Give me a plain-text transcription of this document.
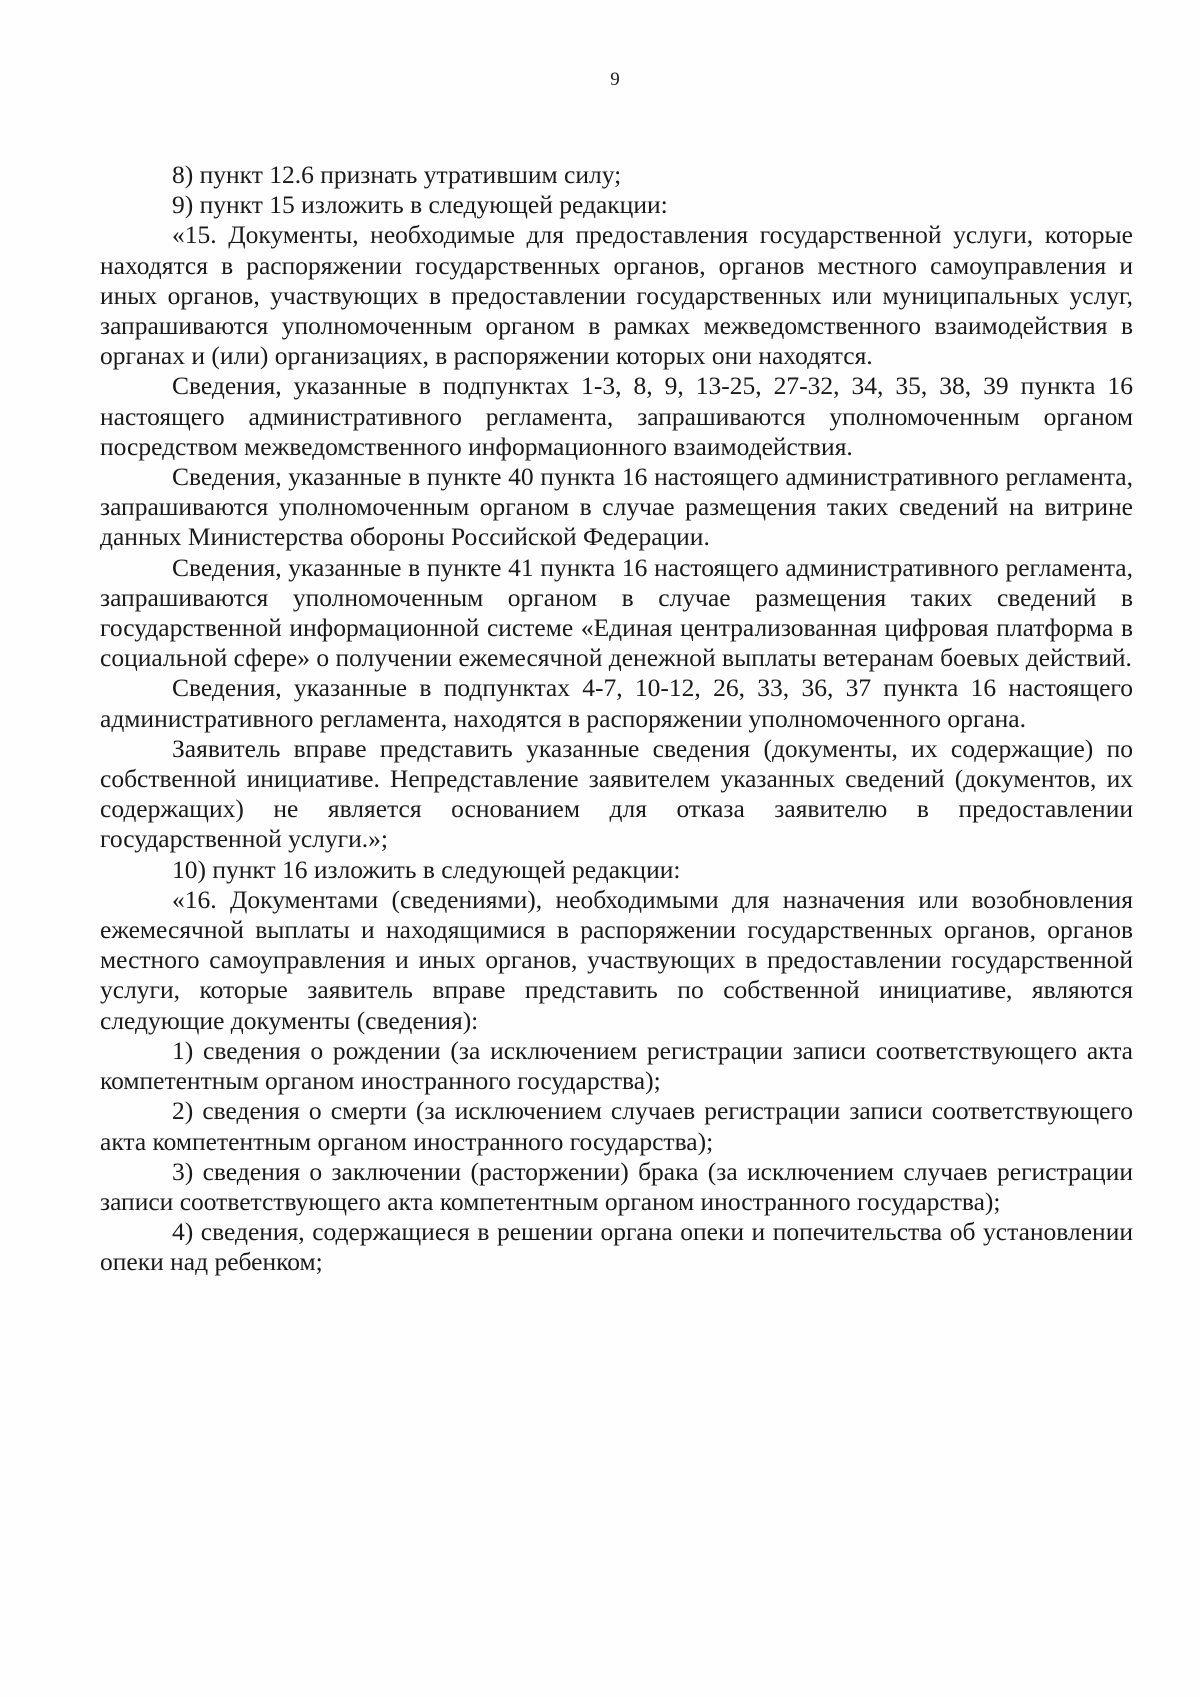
9

8) пункт 12.6 признать утратившим силу;

9) пункт 15 изложить в следующей редакции:

«15. Документы, необходимые для предоставления государственной услуги, которые находятся в распоряжении государственных органов, органов местного самоуправления и иных органов, участвующих в предоставлении государственных или муниципальных услуг, запрашиваются уполномоченным органом в рамках межведомственного взаимодействия в органах и (или) организациях, в распоряжении которых они находятся.

Сведения, указанные в подпунктах 1-3, 8, 9, 13-25, 27-32, 34, 35, 38, 39 пункта 16 настоящего административного регламента, запрашиваются уполномоченным органом посредством межведомственного информационного взаимодействия.

Сведения, указанные в пункте 40 пункта 16 настоящего административного регламента, запрашиваются уполномоченным органом в случае размещения таких сведений на витрине данных Министерства обороны Российской Федерации.

Сведения, указанные в пункте 41 пункта 16 настоящего административного регламента, запрашиваются уполномоченным органом в случае размещения таких сведений в государственной информационной системе «Единая централизованная цифровая платформа в социальной сфере» о получении ежемесячной денежной выплаты ветеранам боевых действий.

Сведения, указанные в подпунктах 4-7, 10-12, 26, 33, 36, 37 пункта 16 настоящего административного регламента, находятся в распоряжении уполномоченного органа.

Заявитель вправе представить указанные сведения (документы, их содержащие) по собственной инициативе. Непредставление заявителем указанных сведений (документов, их содержащих) не является основанием для отказа заявителю в предоставлении государственной услуги.»;

10) пункт 16 изложить в следующей редакции:

«16. Документами (сведениями), необходимыми для назначения или возобновления ежемесячной выплаты и находящимися в распоряжении государственных органов, органов местного самоуправления и иных органов, участвующих в предоставлении государственной услуги, которые заявитель вправе представить по собственной инициативе, являются следующие документы (сведения):

1) сведения о рождении (за исключением регистрации записи соответствующего акта компетентным органом иностранного государства);

2) сведения о смерти (за исключением случаев регистрации записи соответствующего акта компетентным органом иностранного государства);

3) сведения о заключении (расторжении) брака (за исключением случаев регистрации записи соответствующего акта компетентным органом иностранного государства);

4) сведения, содержащиеся в решении органа опеки и попечительства об установлении опеки над ребенком;
